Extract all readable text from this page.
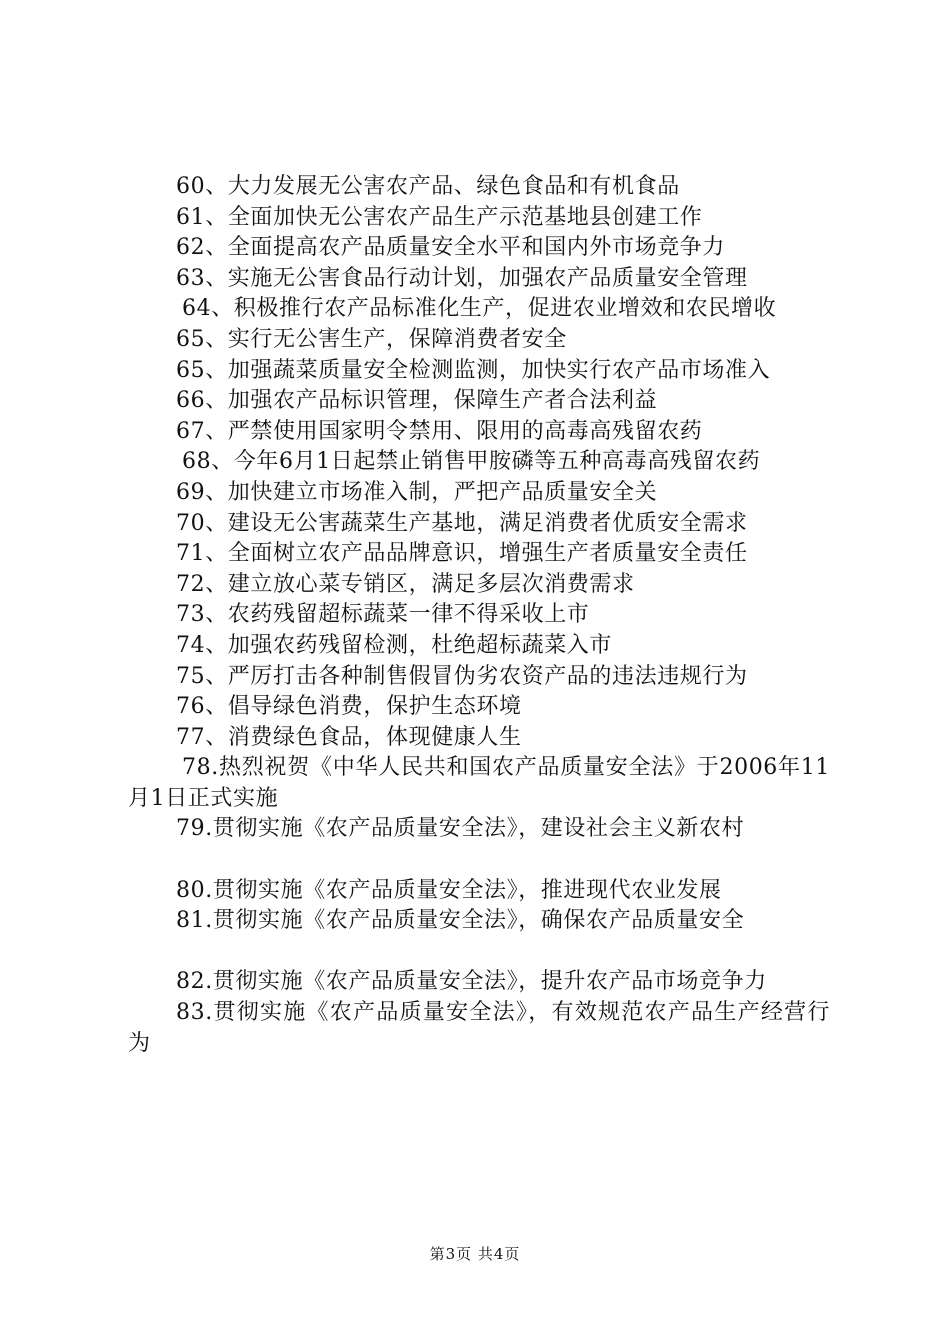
60、大力发展无公害农产品、绿色食品和有机食品

61、全面加快无公害农产品生产示范基地县创建工作

62、全面提高农产品质量安全水平和国内外市场竞争力

63、实施无公害食品行动计划，加强农产品质量安全管理

64、积极推行农产品标准化生产，促进农业增效和农民增收

65、实行无公害生产，保障消费者安全

65、加强蔬菜质量安全检测监测，加快实行农产品市场准入

66、加强农产品标识管理，保障生产者合法利益

67、严禁使用国家明令禁用、限用的高毒高残留农药

68、今年6月1日起禁止销售甲胺磷等五种高毒高残留农药

69、加快建立市场准入制，严把产品质量安全关

70、建设无公害蔬菜生产基地，满足消费者优质安全需求

71、全面树立农产品品牌意识，增强生产者质量安全责任

72、建立放心菜专销区，满足多层次消费需求

73、农药残留超标蔬菜一律不得采收上市

74、加强农药残留检测，杜绝超标蔬菜入市

75、严厉打击各种制售假冒伪劣农资产品的违法违规行为

76、倡导绿色消费，保护生态环境

77、消费绿色食品，体现健康人生

78.热烈祝贺《中华人民共和国农产品质量安全法》于2006年11月1日正式实施

79.贯彻实施《农产品质量安全法》，建设社会主义新农村

80.贯彻实施《农产品质量安全法》，推进现代农业发展

81.贯彻实施《农产品质量安全法》，确保农产品质量安全

82.贯彻实施《农产品质量安全法》，提升农产品市场竞争力

83.贯彻实施《农产品质量安全法》，有效规范农产品生产经营行为

第3页 共4页
